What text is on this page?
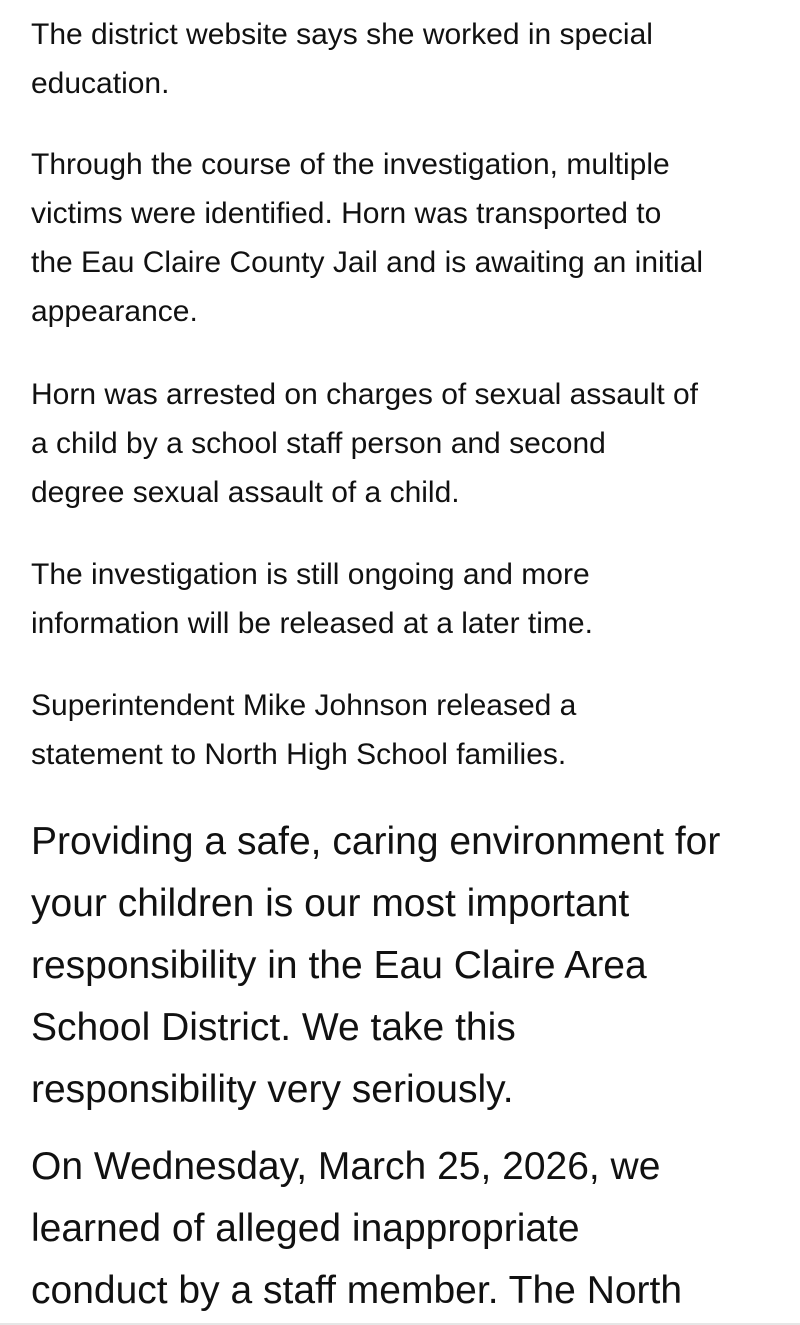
The district website says she worked in special
education.

Through the course of the investigation, multiple
victims were identified. Horn was transported to
the Eau Claire County Jail and is awaiting an initial
appearance.

Horn was arrested on charges of sexual assault of
a child by a school staff person and second
degree sexual assault of a child.

The investigation is still ongoing and more
information will be released at a later time.

Superintendent Mike Johnson released a
statement to North High School families.

Providing a safe, caring environment for
your children is our most important
responsibility in the Eau Claire Area
School District. We take this
responsibility very seriously.

On Wednesday, March 25, 2026, we
learned of alleged inappropriate
conduct by a staff member. The North
